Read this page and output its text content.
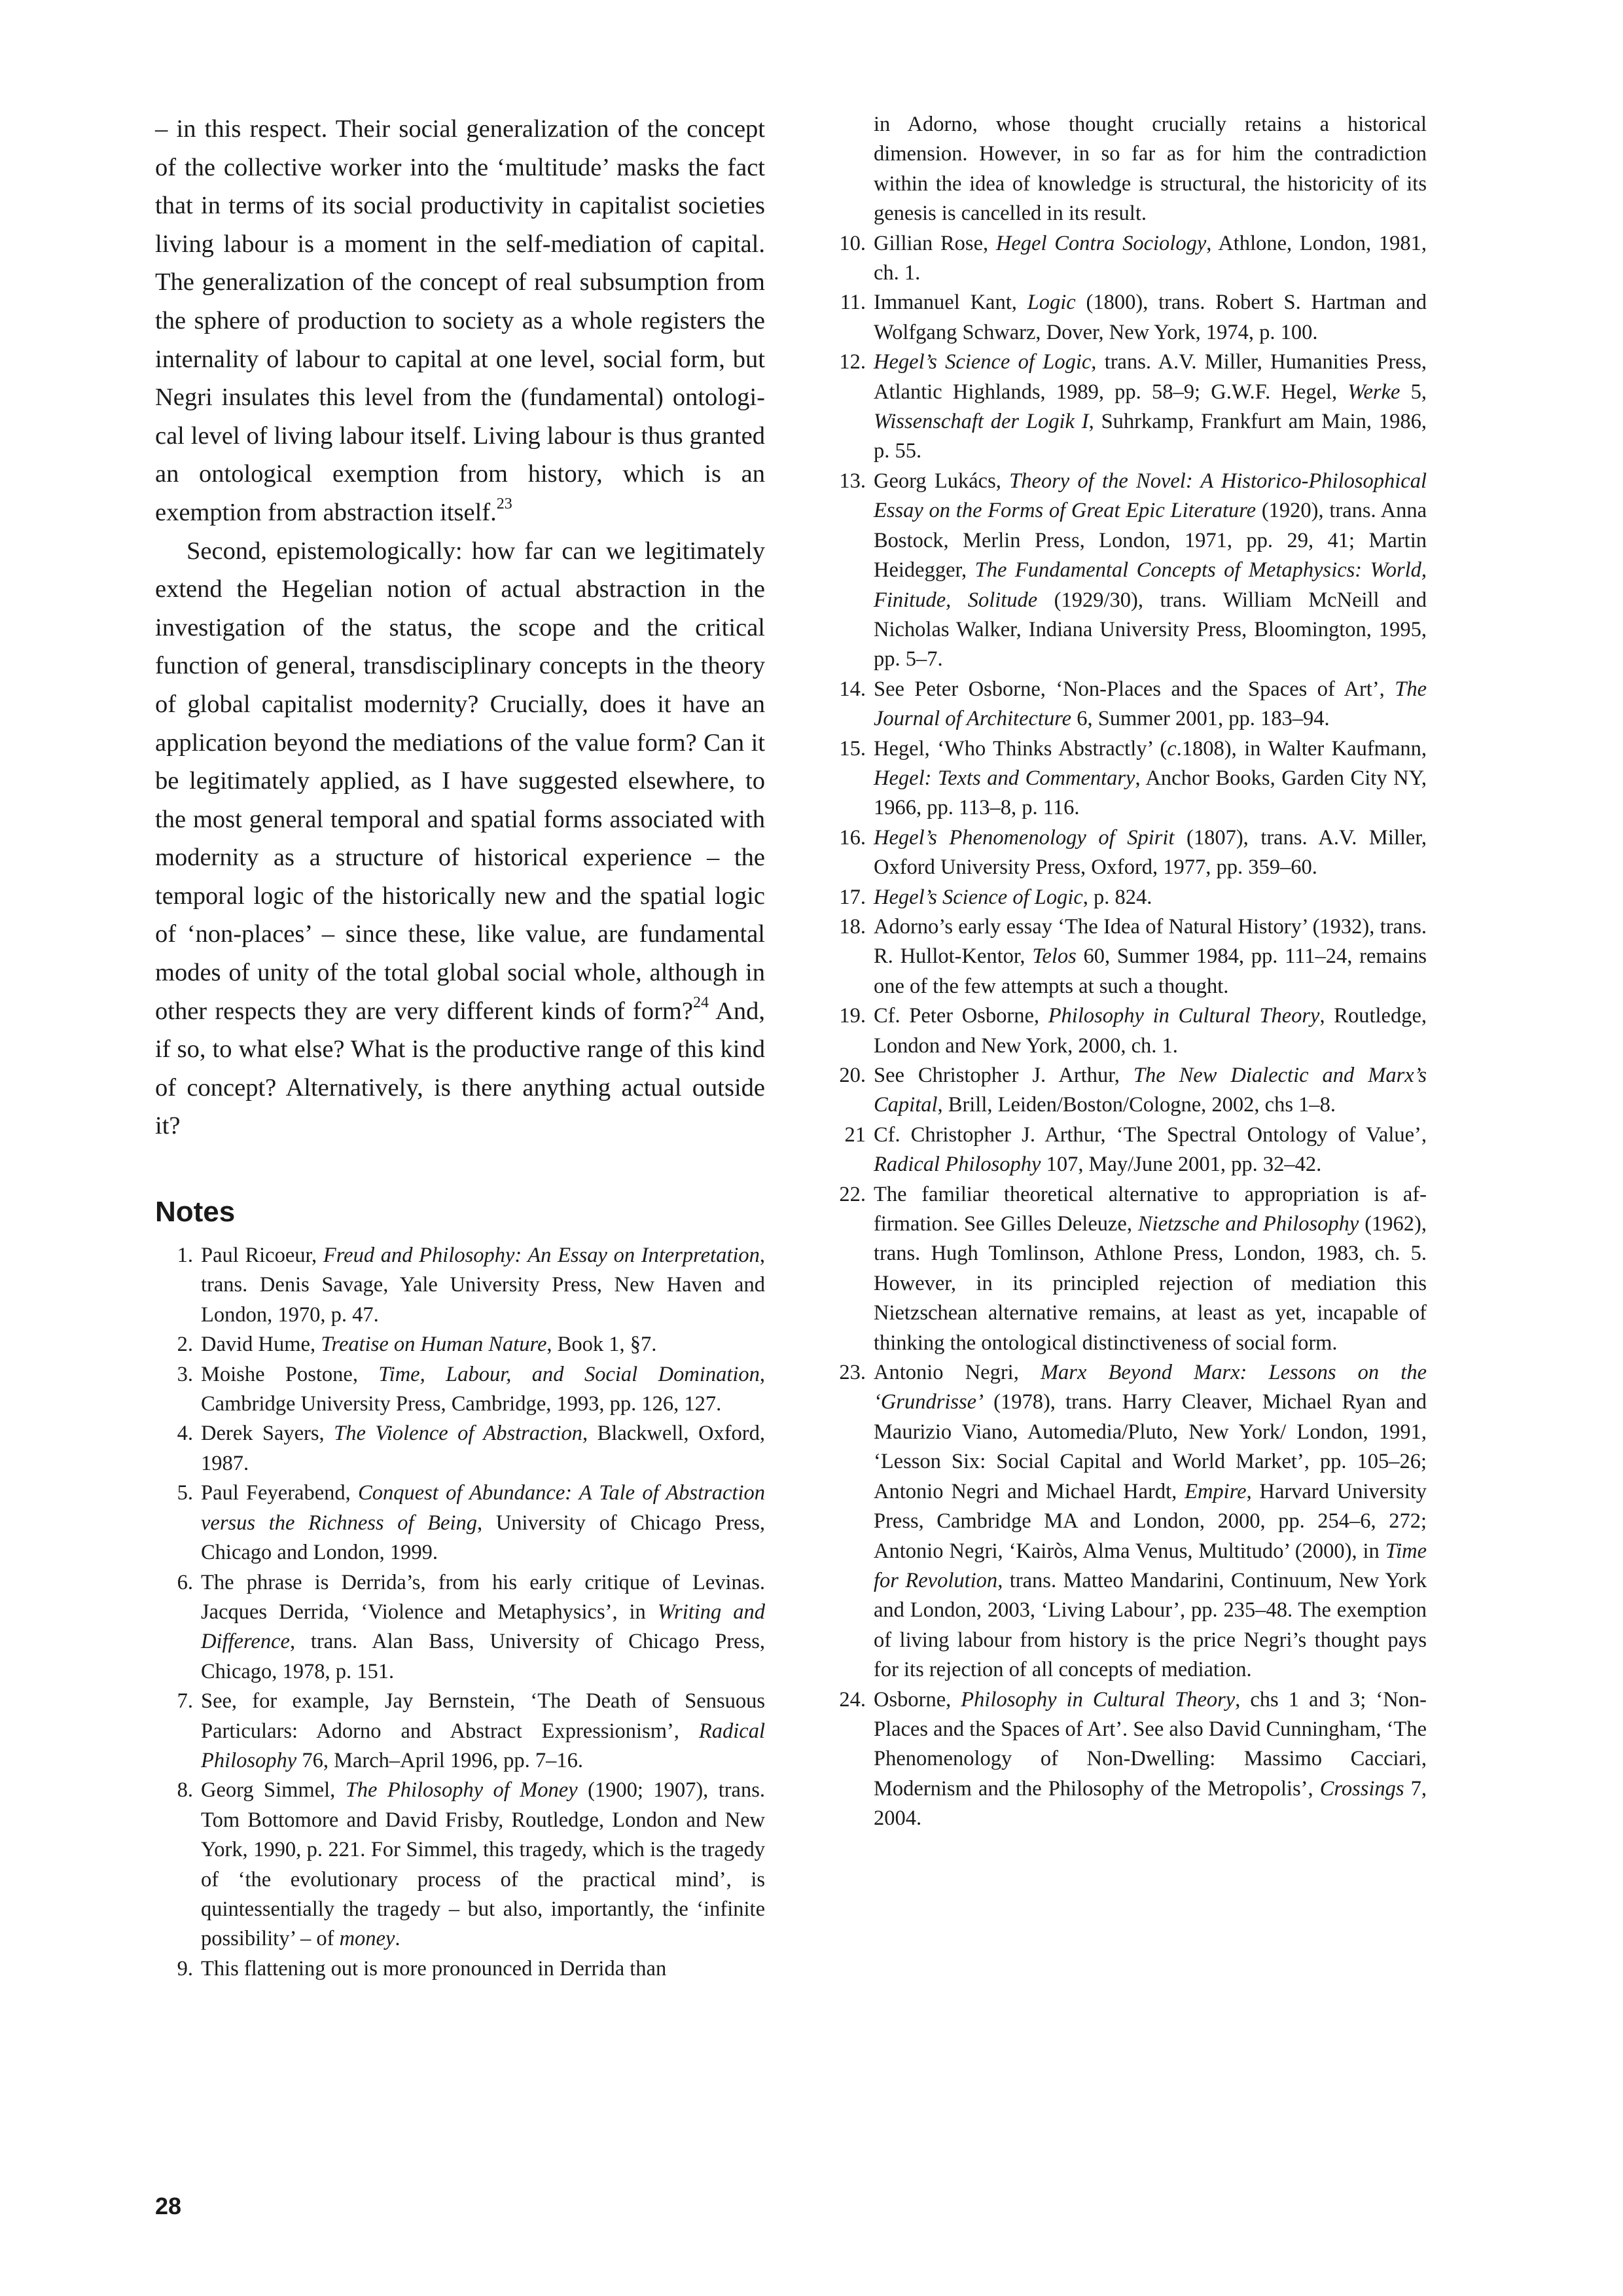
– in this respect. Their social generalization of the concept of the collective worker into the ‘multitude’ masks the fact that in terms of its social productivity in capitalist societies living labour is a moment in the self-mediation of capital. The generalization of the concept of real subsumption from the sphere of production to society as a whole registers the internality of labour to capital at one level, social form, but Negri insulates this level from the (fundamental) ontological level of living labour itself. Living labour is thus granted an ontological exemption from history, which is an exemption from abstraction itself.$^{23}$

Second, epistemologically: how far can we legitimately extend the Hegelian notion of actual abstraction in the investigation of the status, the scope and the critical function of general, transdisciplinary concepts in the theory of global capitalist modernity? Crucially, does it have an application beyond the mediations of the value form? Can it be legitimately applied, as I have suggested elsewhere, to the most general temporal and spatial forms associated with modernity as a structure of historical experience – the temporal logic of the historically new and the spatial logic of ‘non-places’ – since these, like value, are fundamental modes of unity of the total global social whole, although in other respects they are very different kinds of form?$^{24}$ And, if so, to what else? What is the productive range of this kind of concept? Alternatively, is there anything actual outside it?

Notes
1. Paul Ricoeur, Freud and Philosophy: An Essay on Interpretation, trans. Denis Savage, Yale University Press, New Haven and London, 1970, p. 47.
2. David Hume, Treatise on Human Nature, Book 1, §7.
3. Moishe Postone, Time, Labour, and Social Domination, Cambridge University Press, Cambridge, 1993, pp. 126, 127.
4. Derek Sayers, The Violence of Abstraction, Blackwell, Oxford, 1987.
5. Paul Feyerabend, Conquest of Abundance: A Tale of Abstraction versus the Richness of Being, University of Chicago Press, Chicago and London, 1999.
6. The phrase is Derrida’s, from his early critique of Levinas. Jacques Derrida, ‘Violence and Metaphysics’, in Writing and Difference, trans. Alan Bass, University of Chicago Press, Chicago, 1978, p. 151.
7. See, for example, Jay Bernstein, ‘The Death of Sensuous Particulars: Adorno and Abstract Expressionism’, Radical Philosophy 76, March–April 1996, pp. 7–16.
8. Georg Simmel, The Philosophy of Money (1900; 1907), trans. Tom Bottomore and David Frisby, Routledge, London and New York, 1990, p. 221. For Simmel, this tragedy, which is the tragedy of ‘the evolutionary process of the practical mind’, is quintessentially the tragedy – but also, importantly, the ‘infinite possibility’ – of money.
9. This flattening out is more pronounced in Derrida than
in Adorno, whose thought crucially retains a historical dimension. However, in so far as for him the contradiction within the idea of knowledge is structural, the historicity of its genesis is cancelled in its result.
10. Gillian Rose, Hegel Contra Sociology, Athlone, London, 1981, ch. 1.
11. Immanuel Kant, Logic (1800), trans. Robert S. Hartman and Wolfgang Schwarz, Dover, New York, 1974, p. 100.
12. Hegel’s Science of Logic, trans. A.V. Miller, Humanities Press, Atlantic Highlands, 1989, pp. 58–9; G.W.F. Hegel, Werke 5, Wissenschaft der Logik I, Suhrkamp, Frankfurt am Main, 1986, p. 55.
13. Georg Lukács, Theory of the Novel: A Historico-Philosophical Essay on the Forms of Great Epic Literature (1920), trans. Anna Bostock, Merlin Press, London, 1971, pp. 29, 41; Martin Heidegger, The Fundamental Concepts of Metaphysics: World, Finitude, Solitude (1929/30), trans. William McNeill and Nicholas Walker, Indiana University Press, Bloomington, 1995, pp. 5–7.
14. See Peter Osborne, ‘Non-Places and the Spaces of Art’, The Journal of Architecture 6, Summer 2001, pp. 183–94.
15. Hegel, ‘Who Thinks Abstractly’ (c.1808), in Walter Kaufmann, Hegel: Texts and Commentary, Anchor Books, Garden City NY, 1966, pp. 113–8, p. 116.
16. Hegel’s Phenomenology of Spirit (1807), trans. A.V. Miller, Oxford University Press, Oxford, 1977, pp. 359–60.
17. Hegel’s Science of Logic, p. 824.
18. Adorno’s early essay ‘The Idea of Natural History’ (1932), trans. R. Hullot-Kentor, Telos 60, Summer 1984, pp. 111–24, remains one of the few attempts at such a thought.
19. Cf. Peter Osborne, Philosophy in Cultural Theory, Routledge, London and New York, 2000, ch. 1.
20. See Christopher J. Arthur, The New Dialectic and Marx’s Capital, Brill, Leiden/Boston/Cologne, 2002, chs 1–8.
21 Cf. Christopher J. Arthur, ‘The Spectral Ontology of Value’, Radical Philosophy 107, May/June 2001, pp. 32–42.
22. The familiar theoretical alternative to appropriation is affirmation. See Gilles Deleuze, Nietzsche and Philosophy (1962), trans. Hugh Tomlinson, Athlone Press, London, 1983, ch. 5. However, in its principled rejection of mediation this Nietzschean alternative remains, at least as yet, incapable of thinking the ontological distinctiveness of social form.
23. Antonio Negri, Marx Beyond Marx: Lessons on the ‘Grundrisse’ (1978), trans. Harry Cleaver, Michael Ryan and Maurizio Viano, Automedia/Pluto, New York/ London, 1991, ‘Lesson Six: Social Capital and World Market’, pp. 105–26; Antonio Negri and Michael Hardt, Empire, Harvard University Press, Cambridge MA and London, 2000, pp. 254–6, 272; Antonio Negri, ‘Kairòs, Alma Venus, Multitudo’ (2000), in Time for Revolution, trans. Matteo Mandarini, Continuum, New York and London, 2003, ‘Living Labour’, pp. 235–48. The exemption of living labour from history is the price Negri’s thought pays for its rejection of all concepts of mediation.
24. Osborne, Philosophy in Cultural Theory, chs 1 and 3; ‘Non-Places and the Spaces of Art’. See also David Cunningham, ‘The Phenomenology of Non-Dwelling: Massimo Cacciari, Modernism and the Philosophy of the Metropolis’, Crossings 7, 2004.
28
